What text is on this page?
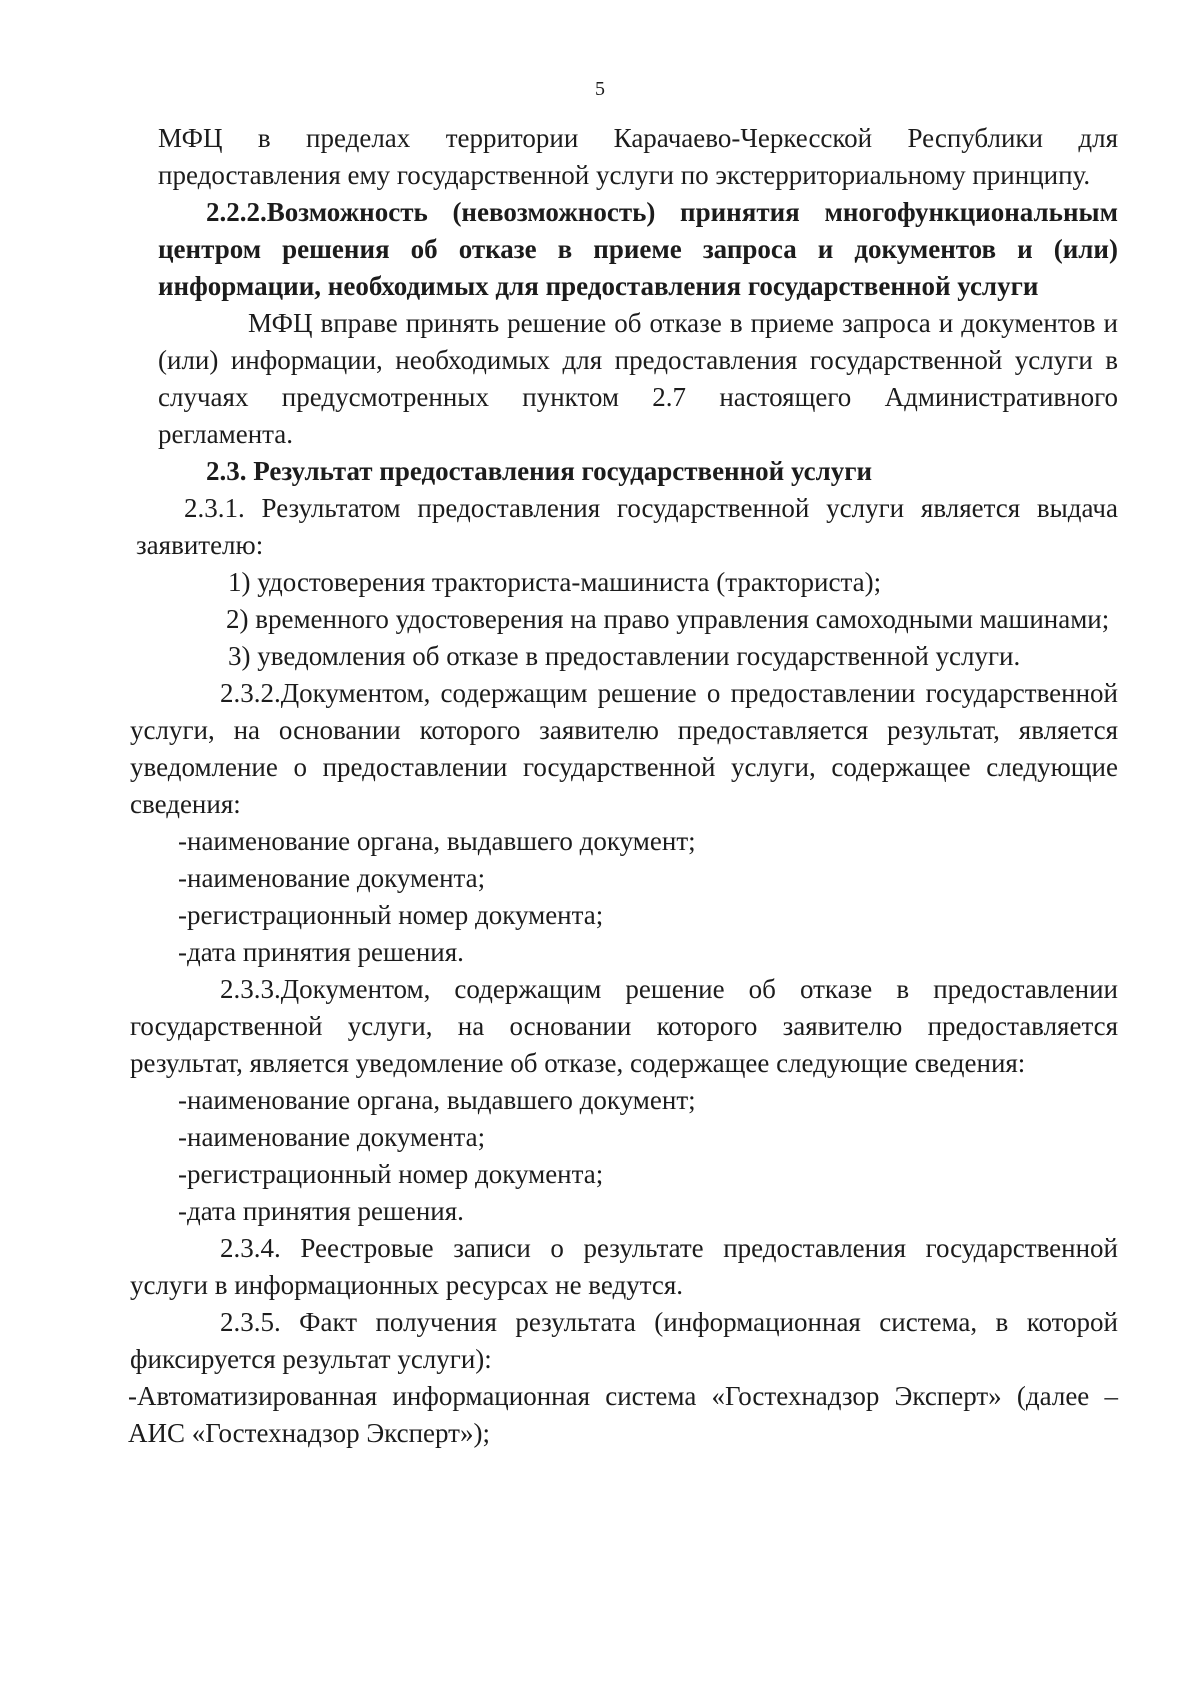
5

МФЦ в пределах территории Карачаево-Черкесской Республики для предоставления ему государственной услуги по экстерриториальному принципу.

2.2.2.Возможность (невозможность) принятия многофункциональным центром решения об отказе в приеме запроса и документов и (или) информации, необходимых для предоставления государственной услуги

МФЦ вправе принять решение об отказе в приеме запроса и документов и (или) информации, необходимых для предоставления государственной услуги в случаях предусмотренных пунктом 2.7 настоящего Административного регламента.

2.3. Результат предоставления государственной услуги

2.3.1. Результатом предоставления государственной услуги является выдача заявителю:

1) удостоверения тракториста-машиниста (тракториста);

2) временного удостоверения на право управления самоходными машинами;

3) уведомления об отказе в предоставлении государственной услуги.

2.3.2.Документом, содержащим решение о предоставлении государственной услуги, на основании которого заявителю предоставляется результат, является уведомление о предоставлении государственной услуги, содержащее следующие сведения:

-наименование органа, выдавшего документ;

-наименование документа;

-регистрационный номер документа;

-дата принятия решения.

2.3.3.Документом, содержащим решение об отказе в предоставлении государственной услуги, на основании которого заявителю предоставляется результат, является уведомление об отказе, содержащее следующие сведения:

-наименование органа, выдавшего документ;

-наименование документа;

-регистрационный номер документа;

-дата принятия решения.

2.3.4. Реестровые записи о результате предоставления государственной услуги в информационных ресурсах не ведутся.

2.3.5. Факт получения результата (информационная система, в которой фиксируется результат услуги):

-Автоматизированная информационная система «Гостехнадзор Эксперт» (далее – АИС «Гостехнадзор Эксперт»);
